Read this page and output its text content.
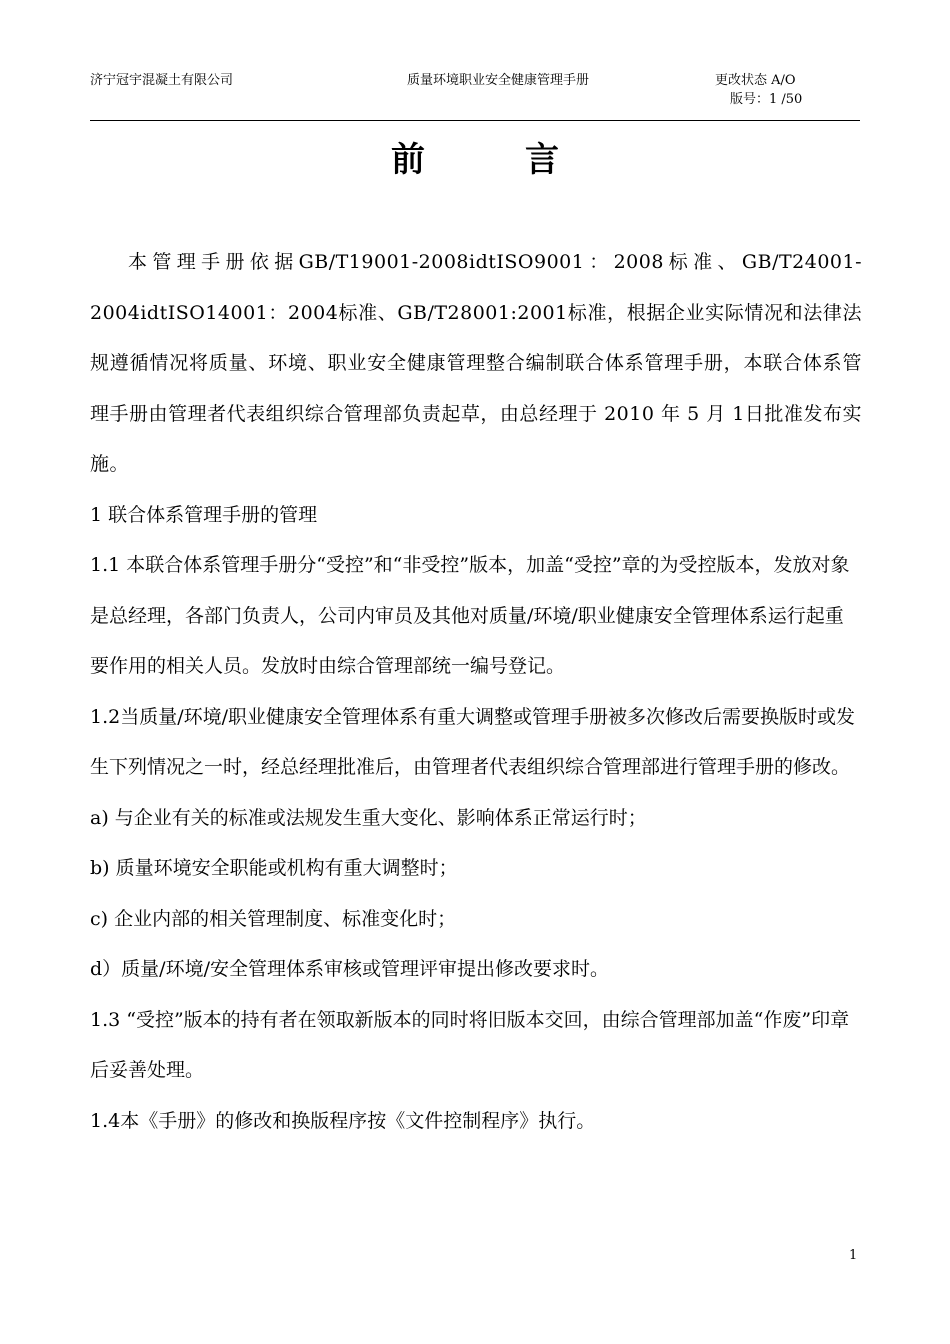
济宁冠宇混凝土有限公司	质量环境职业安全健康管理手册	更改状态 A/O
版号：1 /50
前言

本管理手册依据GB/T19001-2008idtISO9001：2008标准、GB/T24001-2004idtISO14001：2004标准、GB/T28001:2001标准，根据企业实际情况和法律法规遵循情况将质量、环境、职业安全健康管理整合编制联合体系管理手册，本联合体系管理手册由管理者代表组织综合管理部负责起草，由总经理于 2010 年 5 月 1日批准发布实施。

1 联合体系管理手册的管理

1.1 本联合体系管理手册分“受控”和“非受控”版本，加盖“受控”章的为受控版本，发放对象是总经理，各部门负责人，公司内审员及其他对质量/环境/职业健康安全管理体系运行起重要作用的相关人员。发放时由综合管理部统一编号登记。

1.2当质量/环境/职业健康安全管理体系有重大调整或管理手册被多次修改后需要换版时或发生下列情况之一时，经总经理批准后，由管理者代表组织综合管理部进行管理手册的修改。

a) 与企业有关的标准或法规发生重大变化、影响体系正常运行时；

b) 质量环境安全职能或机构有重大调整时；

c) 企业内部的相关管理制度、标准变化时；

d）质量/环境/安全管理体系审核或管理评审提出修改要求时。

1.3 “受控”版本的持有者在领取新版本的同时将旧版本交回，由综合管理部加盖“作废”印章后妥善处理。

1.4本《手册》的修改和换版程序按《文件控制程序》执行。

1
